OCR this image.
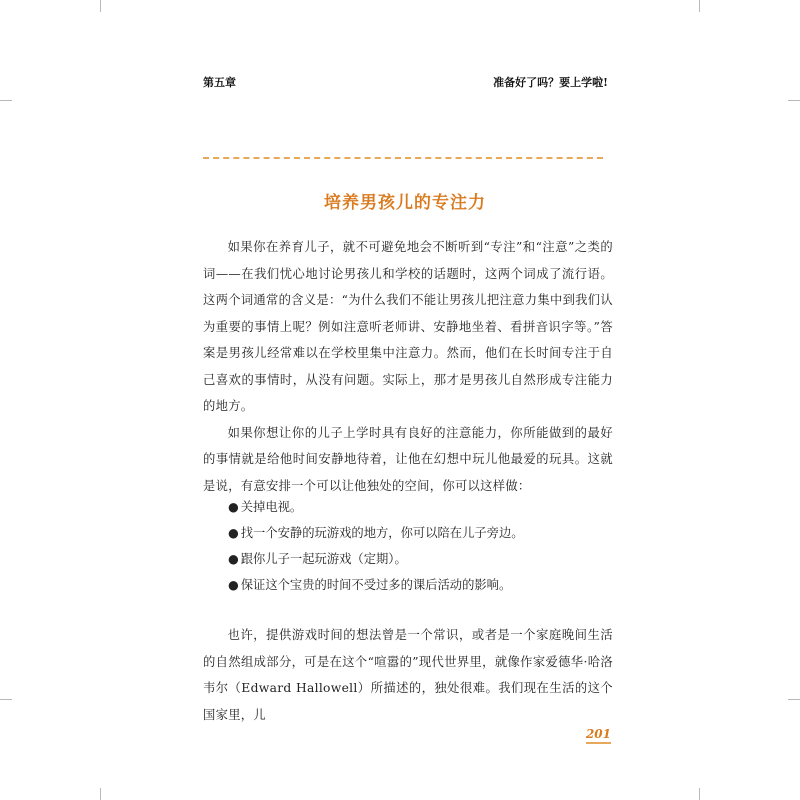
第五章	准备好了吗？要上学啦!
培养男孩儿的专注力

如果你在养育儿子，就不可避免地会不断听到“专注”和“注意”之类的词——在我们忧心地讨论男孩儿和学校的话题时，这两个词成了流行语。这两个词通常的含义是：“为什么我们不能让男孩儿把注意力集中到我们认为重要的事情上呢？例如注意听老师讲、安静地坐着、看拼音识字等。”答案是男孩儿经常难以在学校里集中注意力。然而，他们在长时间专注于自己喜欢的事情时，从没有问题。实际上，那才是男孩儿自然形成专注能力的地方。

如果你想让你的儿子上学时具有良好的注意能力，你所能做到的最好的事情就是给他时间安静地待着，让他在幻想中玩儿他最爱的玩具。这就是说，有意安排一个可以让他独处的空间，你可以这样做：

● 关掉电视。
● 找一个安静的玩游戏的地方，你可以陪在儿子旁边。
● 跟你儿子一起玩游戏（定期）。
● 保证这个宝贵的时间不受过多的课后活动的影响。

也许，提供游戏时间的想法曾是一个常识，或者是一个家庭晚间生活的自然组成部分，可是在这个“喧嚣的”现代世界里，就像作家爱德华·哈洛韦尔（Edward Hallowell）所描述的，独处很难。我们现在生活的这个国家里，儿

201
